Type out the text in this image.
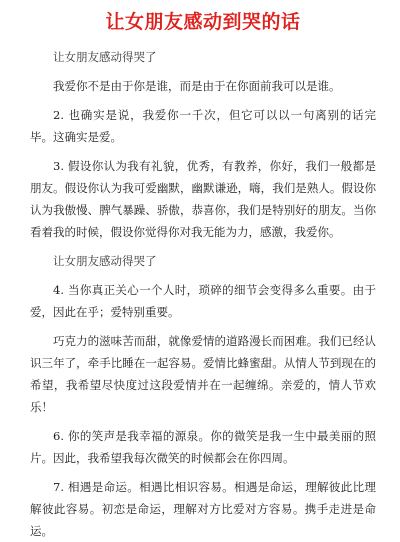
让女朋友感动到哭的话

让女朋友感动得哭了

我爱你不是由于你是谁，而是由于在你面前我可以是谁。

2. 也确实是说，我爱你一千次，但它可以以一句离别的话完毕。这确实是爱。

3. 假设你认为我有礼貌，优秀，有教养，你好，我们一般都是朋友。假设你认为我可爱幽默，幽默谦逊，嗨，我们是熟人。假设你认为我傲慢、脾气暴躁、骄傲，恭喜你，我们是特别好的朋友。当你看着我的时候，假设你觉得你对我无能为力，感激，我爱你。

让女朋友感动得哭了

4. 当你真正关心一个人时，琐碎的细节会变得多么重要。由于爱，因此在乎；爱特别重要。

巧克力的滋味苦而甜，就像爱情的道路漫长而困难。我们已经认识三年了，牵手比睡在一起容易。爱情比蜂蜜甜。从情人节到现在的希望，我希望尽快度过这段爱情并在一起缠绵。亲爱的，情人节欢乐！

6. 你的笑声是我幸福的源泉。你的微笑是我一生中最美丽的照片。因此，我希望我每次微笑的时候都会在你四周。

7. 相遇是命运。相遇比相识容易。相遇是命运，理解彼此比理解彼此容易。初恋是命运，理解对方比爱对方容易。携手走进是命运。
